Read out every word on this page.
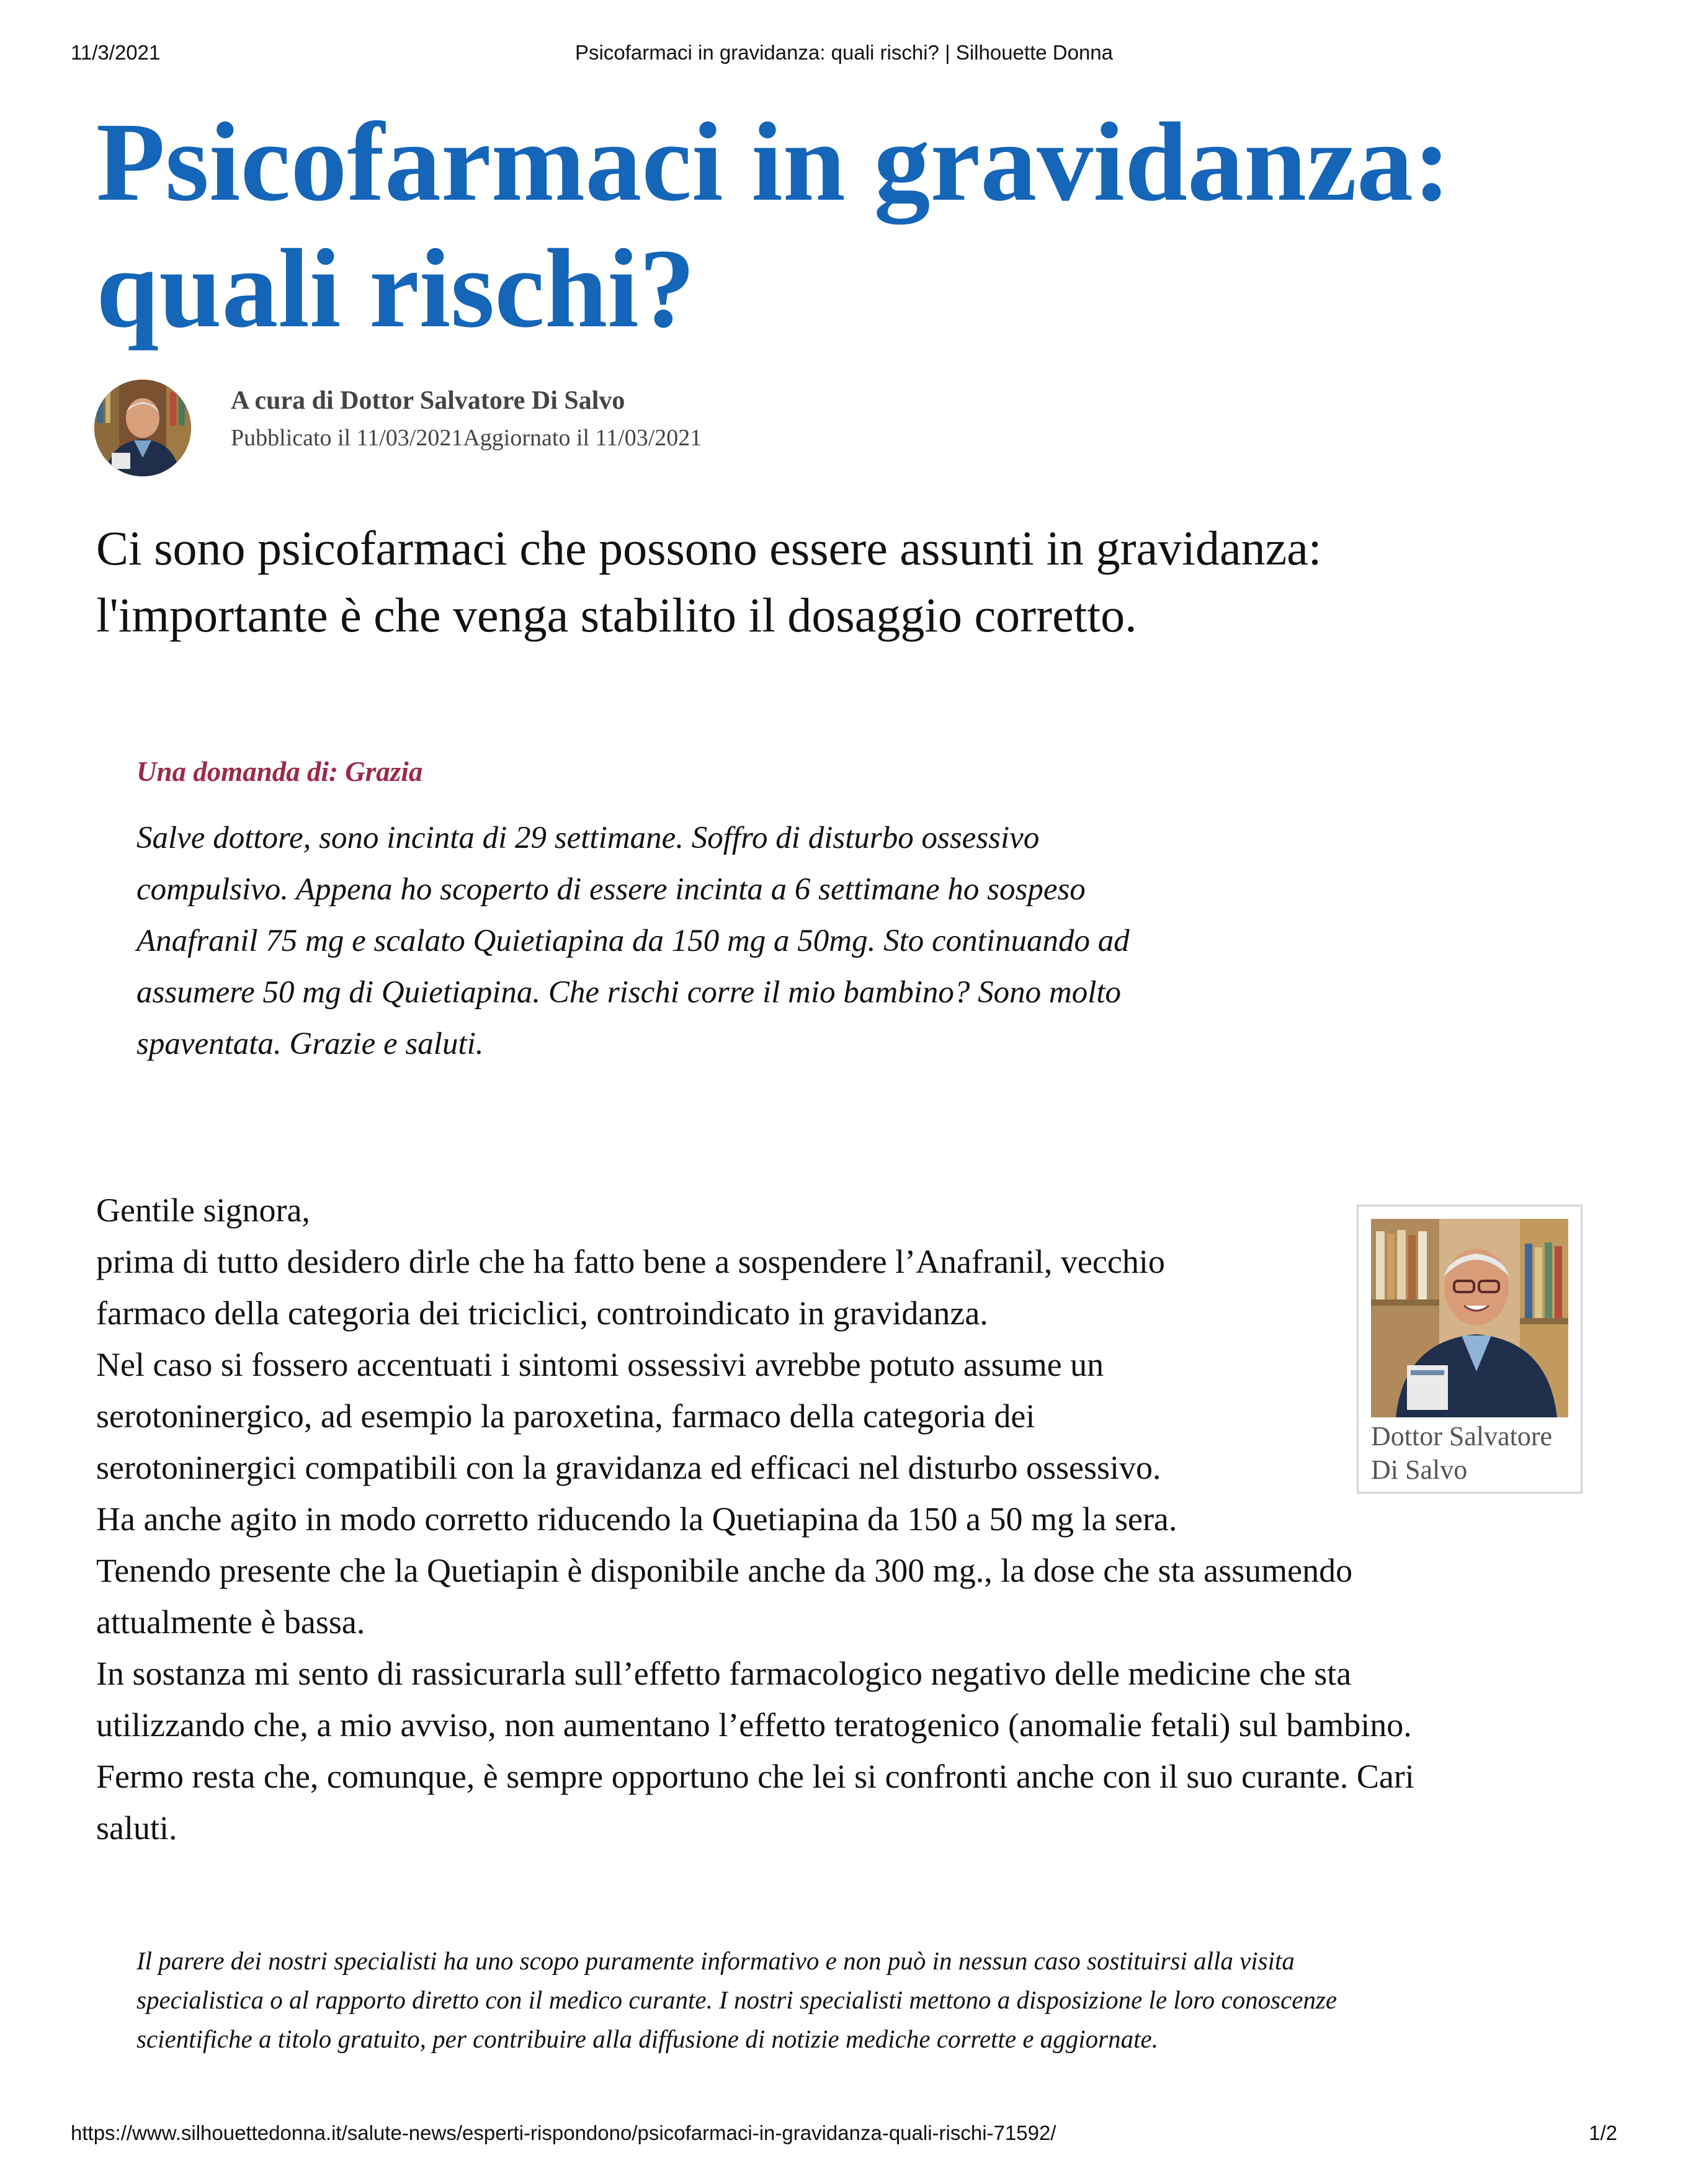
11/3/2021	Psicofarmaci in gravidanza: quali rischi? | Silhouette Donna
Psicofarmaci in gravidanza:
quali rischi?
A cura di Dottor Salvatore Di Salvo
Pubblicato il 11/03/2021Aggiornato il 11/03/2021

Ci sono psicofarmaci che possono essere assunti in gravidanza:
l'importante è che venga stabilito il dosaggio corretto.

Una domanda di: Grazia

Salve dottore, sono incinta di 29 settimane. Soffro di disturbo ossessivo
compulsivo. Appena ho scoperto di essere incinta a 6 settimane ho sospeso
Anafranil 75 mg e scalato Quietiapina da 150 mg a 50mg. Sto continuando ad
assumere 50 mg di Quietiapina. Che rischi corre il mio bambino? Sono molto
spaventata. Grazie e saluti.

Gentile signora,

prima di tutto desidero dirle che ha fatto bene a sospendere l’Anafranil, vecchio

farmaco della categoria dei triciclici, controindicato in gravidanza.

Nel caso si fossero accentuati i sintomi ossessivi avrebbe potuto assume un

serotoninergico, ad esempio la paroxetina, farmaco della categoria dei

serotoninergici compatibili con la gravidanza ed efficaci nel disturbo ossessivo.

Ha anche agito in modo corretto riducendo la Quetiapina da 150 a 50 mg la sera.

Tenendo presente che la Quetiapin è disponibile anche da 300 mg., la dose che sta assumendo

attualmente è bassa.

In sostanza mi sento di rassicurarla sull’effetto farmacologico negativo delle medicine che sta

utilizzando che, a mio avviso, non aumentano l’effetto teratogenico (anomalie fetali) sul bambino.

Fermo resta che, comunque, è sempre opportuno che lei si confronti anche con il suo curante. Cari

saluti.

Dottor Salvatore
Di Salvo

Il parere dei nostri specialisti ha uno scopo puramente informativo e non può in nessun caso sostituirsi alla visita
specialistica o al rapporto diretto con il medico curante. I nostri specialisti mettono a disposizione le loro conoscenze
scientifiche a titolo gratuito, per contribuire alla diffusione di notizie mediche corrette e aggiornate.

https://www.silhouettedonna.it/salute-news/esperti-rispondono/psicofarmaci-in-gravidanza-quali-rischi-71592/	1/2
